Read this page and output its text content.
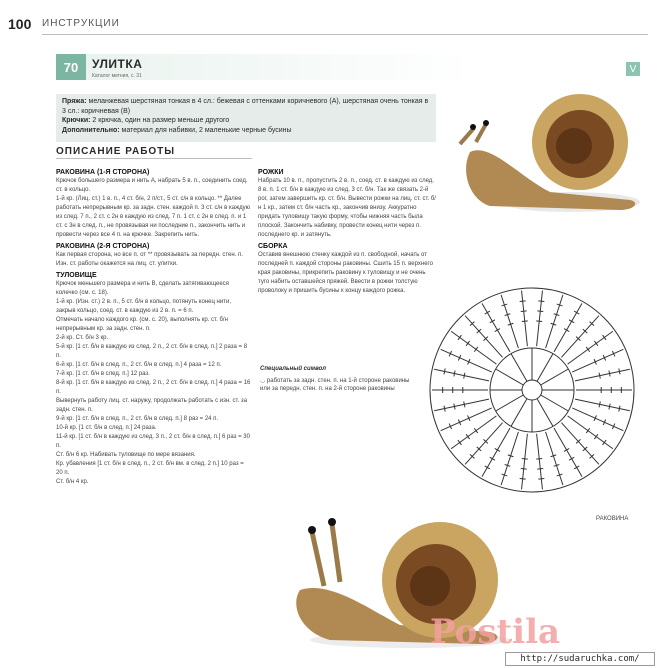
100 ИНСТРУКЦИИ
70	УЛИТКА
Каталог метния, с. 31
V
Пряжа: меланжевая шерстяная тонкая в 4 сл.: бежевая с оттенками коричневого (А), шерстяная очень тонкая в 3 сл.: коричневая (В)
Крючки: 2 крючка, один на размер меньше другого
Дополнительно: материал для набивки, 2 маленькие черные бусины
ОПИСАНИЕ РАБОТЫ
РАКОВИНА (1-Я СТОРОНА)
Крючок большего размера и нить А, набрать 5 в. п., соединить соед. ст. в кольцо.
1-й кр. (Лиц. ст.) 1 в. п., 4 ст. б/н, 2 п/ст., 5 ст. с/н в кольцо. ** Далее работать непрерывным кр. за задн. стен. каждой п. 3 ст. с/н в каждую из след. 7 п., 2 ст. с 2н в каждую из след. 7 п. 1 ст. с 2н в след. п. и 1 ст. с 3н в след. п., не провязывая ни последние п., закончить нить и провести через все 4 п. на крючке. Закрепить нить.
РАКОВИНА (2-Я СТОРОНА)
Как первая сторона, но все п. от ** провязывать за передн. стен. п. Изн. ст. работы окажется на лиц. ст. улитки.
ТУЛОВИЩЕ
Крючок меньшего размера и нить В, сделать затягивающееся колечко (см. с. 18).
1-й кр. (Изн. ст.) 2 в. п., 5 ст. б/н в кольцо, потянуть конец нити, закрыв кольцо, соед. ст. в каждую из 2 в. п. = 6 п.
Отмечать начало каждого кр. (см. с. 20), выполнять кр. ст. б/н непрерывным кр. за задн. стен. п.
2-й кр. Ст. б/н 3 кр.
5-й кр. [1 ст. б/н в каждую из след. 2 п., 2 ст. б/н в след. п.] 2 раза = 8 п.
6-й кр. [1 ст. б/н в след. п., 2 ст. б/н в след. п.] 4 раза = 12 п.
7-й кр. [1 ст. б/н в след. п.] 12 раз.
8-й кр. [1 ст. б/н в каждую из след. 2 п., 2 ст. б/н в след. п.] 4 раза = 16 п.
Вывернуть работу лиц. ст. наружу, продолжать работать с изн. ст. за задн. стен. п.
9-й кр. [1 ст. б/н в след. п., 2 ст. б/н в след. п.] 8 раз = 24 п.
10-й кр. [1 ст. б/н в след. п.] 24 раза.
11-й кр. [1 ст. б/н в каждую из след. 3 п., 2 ст. б/н в след. п.] 6 раз = 30 п.
Ст. б/н 6 кр. Набивать туловище по мере вязания.
Кр. убавления [1 ст. б/н в след. п., 2 ст. б/н вм. в след. 2 п.] 10 раз = 20 п.
Ст. б/н 4 кр.
РОЖКИ
Набрать 10 в. п., пропустить 2 в. п., соед. ст. в каждую из след. 8 в. п. 1 ст. б/н в каждую из след. 3 ст. б/н. Так же связать 2-й рог, затем завершить кр. ст. б/н. Вывести рожки на лиц. ст. ст. б/н 1 кр., затем ст. б/н часть кр., закончив внизу. Аккуратно придать туловищу такую форму, чтобы нижняя часть была плоской. Закончить набивку, провести конец нити через п. последнего кр. и затянуть.
СБОРКА
Оставив внешнюю стенку каждой из п. свободной, начать от последней п. каждой стороны раковины. Сшить 15 п. верхнего края раковины, прикрепить раковину к туловищу и не очень туго набить оставшейся пряжей. Ввести в рожки толстую проволоку и пришить бусины к концу каждого рожка.
Специальный символ
◡ работать за задн. стен. п. на 1-й стороне раковины или за передн. стен. п. на 2-й стороне раковины
РАКОВИНА
Postila
http://sudaruchka.com/
